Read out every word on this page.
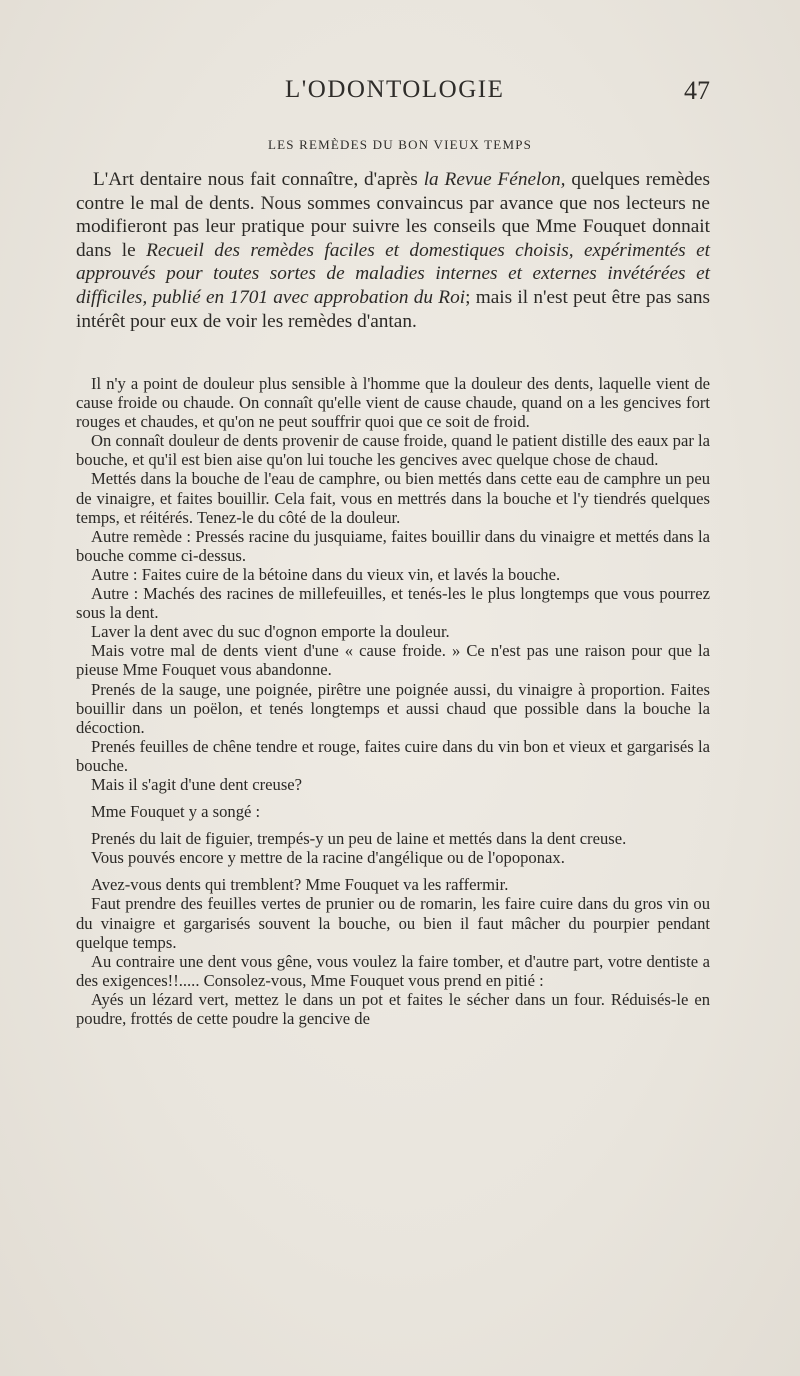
L'ODONTOLOGIE	47
LES REMÈDES DU BON VIEUX TEMPS

L'Art dentaire nous fait connaître, d'après la Revue Fénelon, quelques remèdes contre le mal de dents. Nous sommes convaincus par avance que nos lecteurs ne modifieront pas leur pratique pour suivre les conseils que Mme Fouquet donnait dans le Recueil des remèdes faciles et domestiques choisis, expérimentés et approuvés pour toutes sortes de maladies internes et externes invétérées et difficiles, publié en 1701 avec approbation du Roi; mais il n'est peut être pas sans intérêt pour eux de voir les remèdes d'antan.

Il n'y a point de douleur plus sensible à l'homme que la douleur des dents, laquelle vient de cause froide ou chaude. On connaît qu'elle vient de cause chaude, quand on a les gencives fort rouges et chaudes, et qu'on ne peut souffrir quoi que ce soit de froid.

On connaît douleur de dents provenir de cause froide, quand le patient distille des eaux par la bouche, et qu'il est bien aise qu'on lui touche les gencives avec quelque chose de chaud.

Mettés dans la bouche de l'eau de camphre, ou bien mettés dans cette eau de camphre un peu de vinaigre, et faites bouillir. Cela fait, vous en mettrés dans la bouche et l'y tiendrés quelques temps, et réitérés. Tenez-le du côté de la douleur.

Autre remède : Pressés racine du jusquiame, faites bouillir dans du vinaigre et mettés dans la bouche comme ci-dessus.

Autre : Faites cuire de la bétoine dans du vieux vin, et lavés la bouche.

Autre : Machés des racines de millefeuilles, et tenés-les le plus longtemps que vous pourrez sous la dent.

Laver la dent avec du suc d'ognon emporte la douleur.

Mais votre mal de dents vient d'une « cause froide. » Ce n'est pas une raison pour que la pieuse Mme Fouquet vous abandonne.

Prenés de la sauge, une poignée, pirêtre une poignée aussi, du vinaigre à proportion. Faites bouillir dans un poëlon, et tenés longtemps et aussi chaud que possible dans la bouche la décoction.

Prenés feuilles de chêne tendre et rouge, faites cuire dans du vin bon et vieux et gargarisés la bouche.

Mais il s'agit d'une dent creuse?

Mme Fouquet y a songé :

Prenés du lait de figuier, trempés-y un peu de laine et mettés dans la dent creuse.

Vous pouvés encore y mettre de la racine d'angélique ou de l'opoponax.

Avez-vous dents qui tremblent? Mme Fouquet va les raffermir.

Faut prendre des feuilles vertes de prunier ou de romarin, les faire cuire dans du gros vin ou du vinaigre et gargarisés souvent la bouche, ou bien il faut mâcher du pourpier pendant quelque temps.

Au contraire une dent vous gêne, vous voulez la faire tomber, et d'autre part, votre dentiste a des exigences!!..... Consolez-vous, Mme Fouquet vous prend en pitié :

Ayés un lézard vert, mettez le dans un pot et faites le sécher dans un four. Réduisés-le en poudre, frottés de cette poudre la gencive de
